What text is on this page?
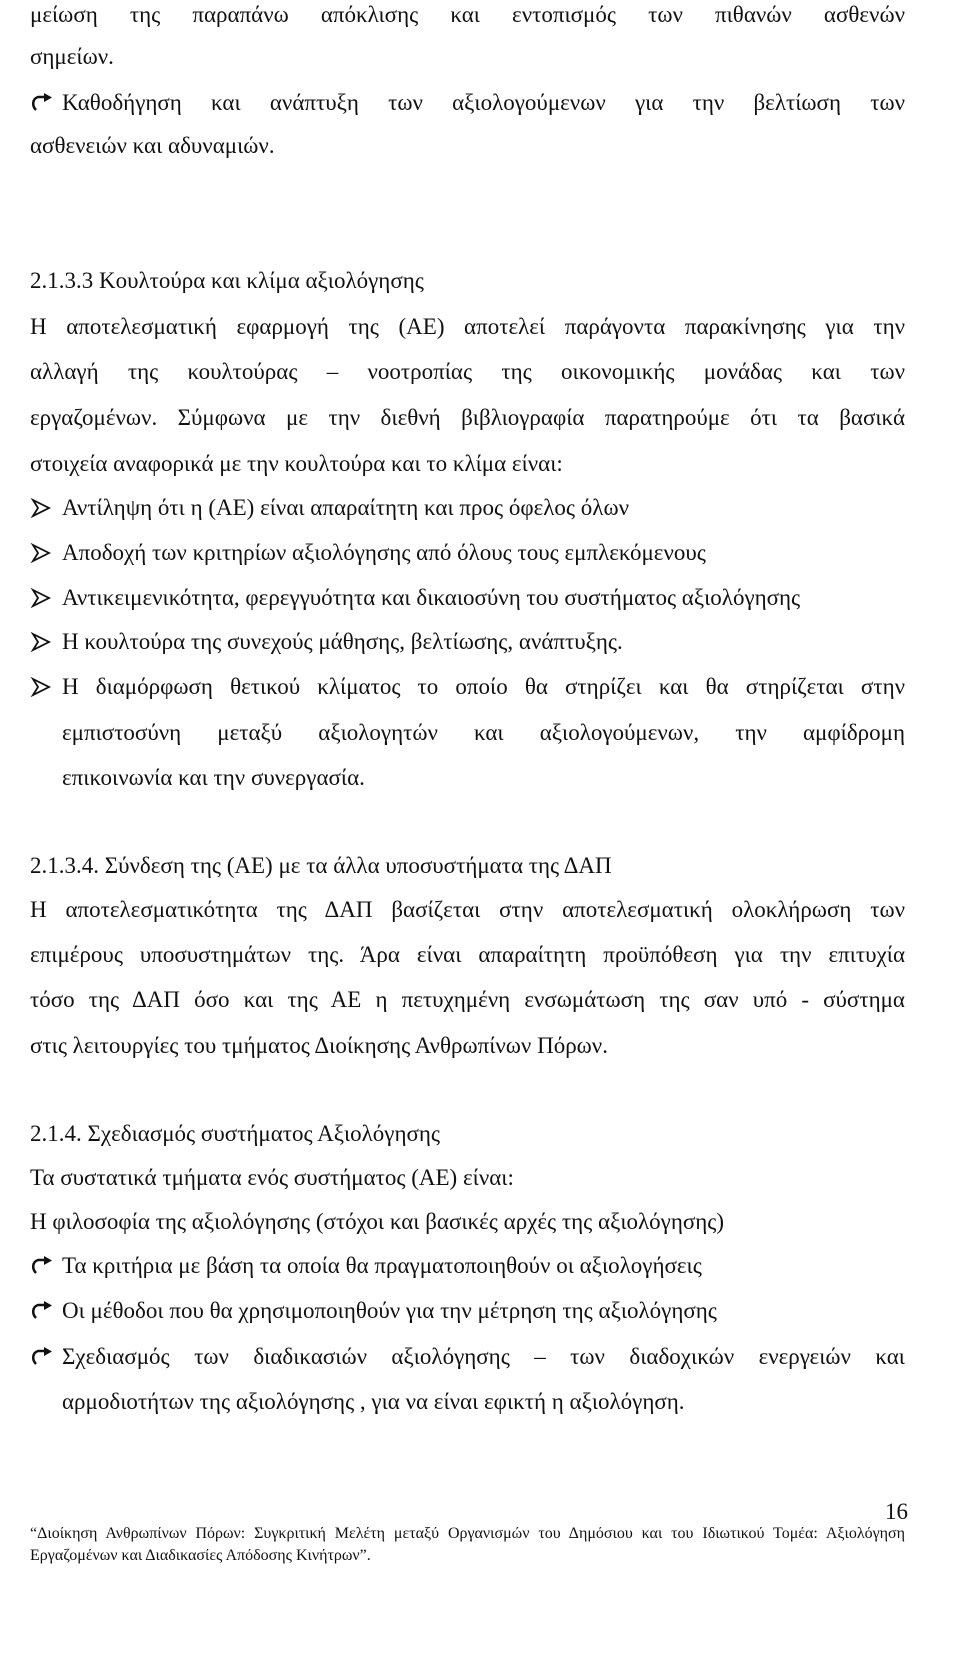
μείωση της παραπάνω απόκλισης και εντοπισμός των πιθανών ασθενών
σημείων.
Καθοδήγηση και ανάπτυξη των αξιολογούμενων για την βελτίωση των
ασθενειών και αδυναμιών.
2.1.3.3 Κουλτούρα και κλίμα αξιολόγησης
Η αποτελεσματική εφαρμογή της (ΑΕ) αποτελεί παράγοντα παρακίνησης για την
αλλαγή της κουλτούρας – νοοτροπίας της οικονομικής μονάδας και των
εργαζομένων. Σύμφωνα με την διεθνή βιβλιογραφία παρατηρούμε ότι τα βασικά
στοιχεία αναφορικά με την κουλτούρα και το κλίμα είναι:
Αντίληψη ότι η (ΑΕ) είναι απαραίτητη και προς όφελος όλων
Αποδοχή των κριτηρίων αξιολόγησης από όλους τους εμπλεκόμενους
Αντικειμενικότητα, φερεγγυότητα και δικαιοσύνη του συστήματος αξιολόγησης
Η κουλτούρα της συνεχούς μάθησης, βελτίωσης, ανάπτυξης.
Η διαμόρφωση θετικού κλίματος το οποίο θα στηρίζει και θα στηρίζεται στην
εμπιστοσύνη μεταξύ αξιολογητών και αξιολογούμενων, την αμφίδρομη
επικοινωνία και την συνεργασία.
2.1.3.4. Σύνδεση της (ΑΕ) με τα άλλα υποσυστήματα της ΔΑΠ
Η αποτελεσματικότητα της ΔΑΠ βασίζεται στην αποτελεσματική ολοκλήρωση των
επιμέρους υποσυστημάτων της. Άρα είναι απαραίτητη προϋπόθεση για την επιτυχία
τόσο της ΔΑΠ όσο και της ΑΕ η πετυχημένη ενσωμάτωση της σαν υπό - σύστημα
στις λειτουργίες του τμήματος Διοίκησης Ανθρωπίνων Πόρων.
2.1.4. Σχεδιασμός συστήματος Αξιολόγησης
Τα συστατικά τμήματα ενός συστήματος (ΑΕ) είναι:
Η φιλοσοφία της αξιολόγησης (στόχοι και βασικές αρχές της αξιολόγησης)
Τα κριτήρια με βάση τα οποία θα πραγματοποιηθούν οι αξιολογήσεις
Οι μέθοδοι που θα χρησιμοποιηθούν για την μέτρηση της αξιολόγησης
Σχεδιασμός των διαδικασιών αξιολόγησης – των διαδοχικών ενεργειών και
αρμοδιοτήτων της αξιολόγησης , για να είναι εφικτή η αξιολόγηση.
16
“Διοίκηση Ανθρωπίνων Πόρων: Συγκριτική Μελέτη μεταξύ Οργανισμών του Δημόσιου και του Ιδιωτικού Τομέα: Αξιολόγηση
Εργαζομένων και Διαδικασίες Απόδοσης Κινήτρων”.
